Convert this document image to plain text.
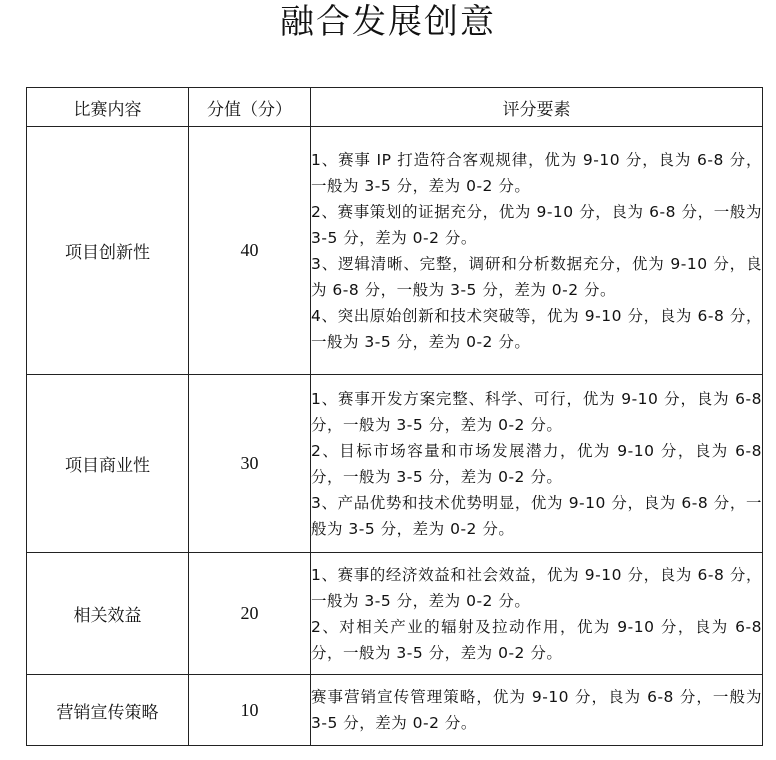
融合发展创意
比赛内容	分值（分）	评分要素
项目创新性	40	1、赛事 IP 打造符合客观规律，优为 9-10 分，良为 6-8 分，一般为 3-5 分，差为 0-2 分。
2、赛事策划的证据充分，优为 9-10 分，良为 6-8 分，一般为 3-5 分，差为 0-2 分。
3、逻辑清晰、完整，调研和分析数据充分，优为 9-10 分，良为 6-8 分，一般为 3-5 分，差为 0-2 分。
4、突出原始创新和技术突破等，优为 9-10 分，良为 6-8 分，一般为 3-5 分，差为 0-2 分。

项目商业性	30	1、赛事开发方案完整、科学、可行，优为 9-10 分，良为 6-8 分，一般为 3-5 分，差为 0-2 分。
2、目标市场容量和市场发展潜力，优为 9-10 分，良为 6-8 分，一般为 3-5 分，差为 0-2 分。
3、产品优势和技术优势明显，优为 9-10 分，良为 6-8 分，一般为 3-5 分，差为 0-2 分。

相关效益	20	1、赛事的经济效益和社会效益，优为 9-10 分，良为 6-8 分，一般为 3-5 分，差为 0-2 分。
2、对相关产业的辐射及拉动作用，优为 9-10 分，良为 6-8 分，一般为 3-5 分，差为 0-2 分。

营销宣传策略	10	赛事营销宣传管理策略，优为 9-10 分，良为 6-8 分，一般为 3-5 分，差为 0-2 分。
